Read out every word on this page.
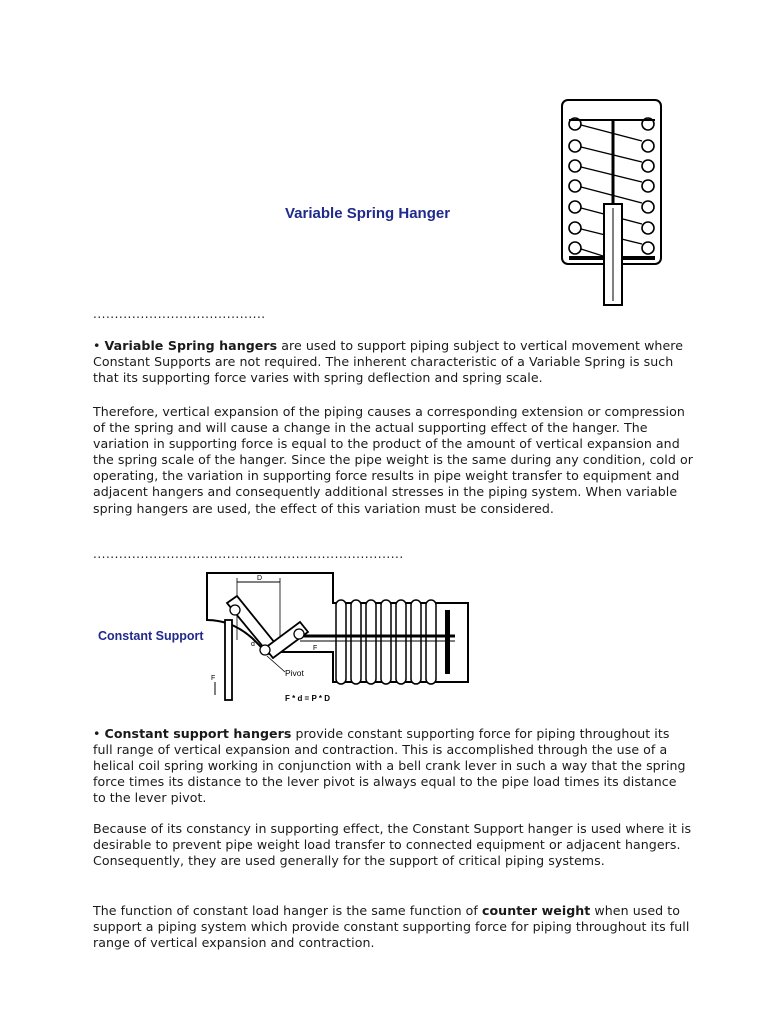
Variable Spring Hanger
........................................

• Variable Spring hangers are used to support piping subject to vertical movement where Constant Supports are not required. The inherent characteristic of a Variable Spring is such that its supporting force varies with spring deflection and spring scale.

Therefore, vertical expansion of the piping causes a corresponding extension or compression of the spring and will cause a change in the actual supporting effect of the hanger. The variation in supporting force is equal to the product of the amount of vertical expansion and the spring scale of the hanger. Since the pipe weight is the same during any condition, cold or operating, the variation in supporting force results in pipe weight transfer to equipment and adjacent hangers and consequently additional stresses in the piping system. When variable spring hangers are used, the effect of this variation must be considered.

........................................................................
Constant Support
D
d
F
F
Pivot
F * d = P * D

• Constant support hangers provide constant supporting force for piping throughout its full range of vertical expansion and contraction. This is accomplished through the use of a helical coil spring working in conjunction with a bell crank lever in such a way that the spring force times its distance to the lever pivot is always equal to the pipe load times its distance to the lever pivot.

Because of its constancy in supporting effect, the Constant Support hanger is used where it is desirable to prevent pipe weight load transfer to connected equipment or adjacent hangers. Consequently, they are used generally for the support of critical piping systems.

The function of constant load hanger is the same function of counter weight when used to support a piping system which provide constant supporting force for piping throughout its full range of vertical expansion and contraction.
